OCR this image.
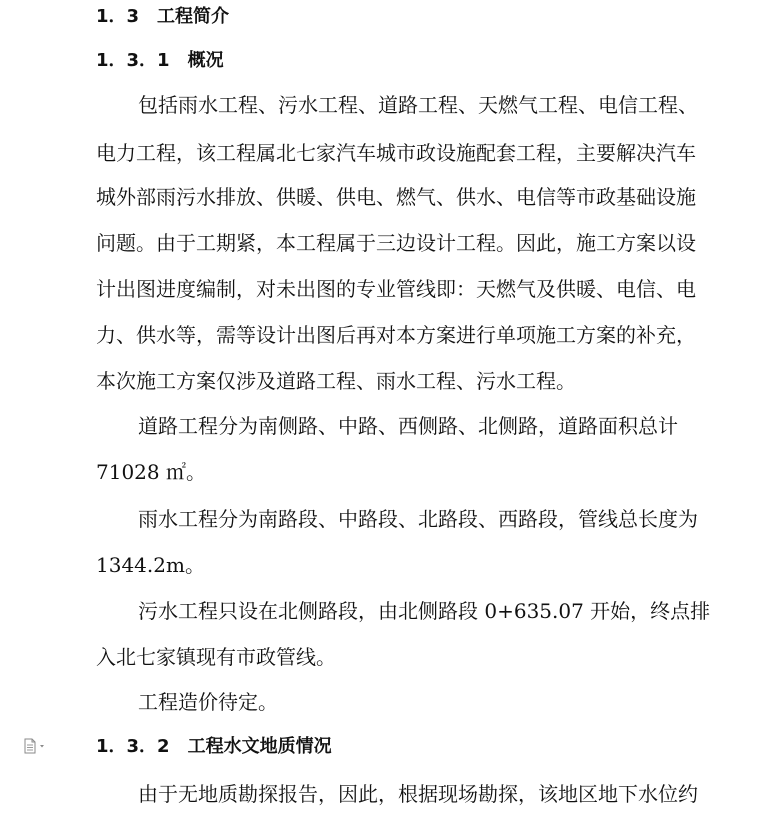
1．3　工程简介
1．3．1　概况
包括雨水工程、污水工程、道路工程、天燃气工程、电信工程、
电力工程，该工程属北七家汽车城市政设施配套工程，主要解决汽车
城外部雨污水排放、供暖、供电、燃气、供水、电信等市政基础设施
问题。由于工期紧，本工程属于三边设计工程。因此，施工方案以设
计出图进度编制，对未出图的专业管线即：天燃气及供暖、电信、电
力、供水等，需等设计出图后再对本方案进行单项施工方案的补充，
本次施工方案仅涉及道路工程、雨水工程、污水工程。
道路工程分为南侧路、中路、西侧路、北侧路，道路面积总计
71028 ㎡。
雨水工程分为南路段、中路段、北路段、西路段，管线总长度为
1344.2m。
污水工程只设在北侧路段，由北侧路段 0+635.07 开始，终点排
入北七家镇现有市政管线。
工程造价待定。
1．3．2　工程水文地质情况
由于无地质勘探报告，因此，根据现场勘探，该地区地下水位约
